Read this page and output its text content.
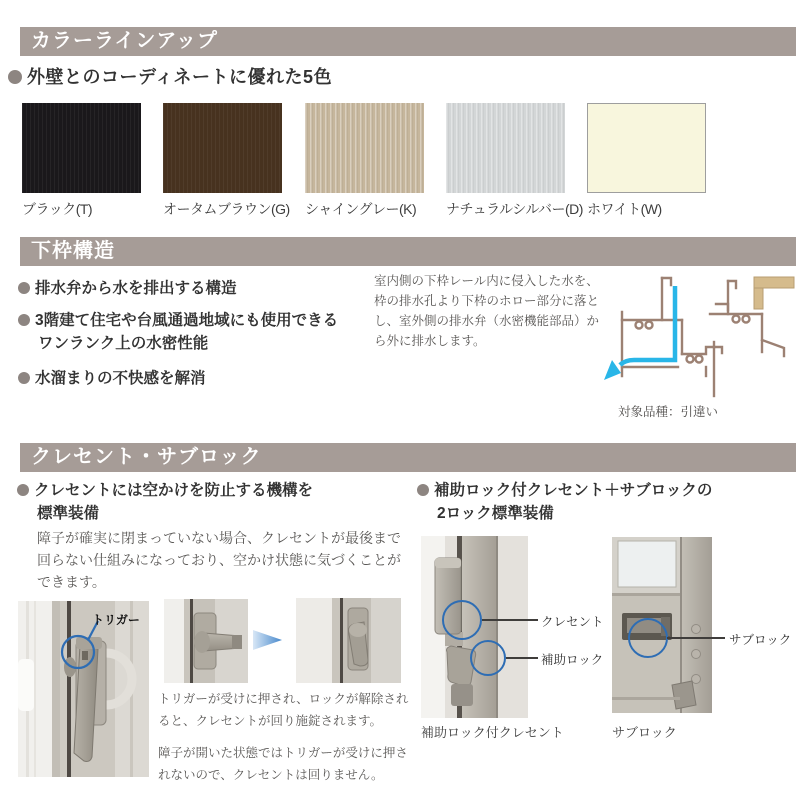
カラーラインアップ
外壁とのコーディネートに優れた5色
ブラック(T)	オータムブラウン(G) シャイングレー(K) ナチュラルシルバー(D) ホワイト(W)
下枠構造
排水弁から水を排出する構造
3階建て住宅や台風通過地域にも使用できる
ワンランク上の水密性能
水溜まりの不快感を解消
室内側の下枠レール内に侵入した水を、枠の排水孔より下枠のホロー部分に落とし、室外側の排水弁（水密機能部品）から外に排水します。
対象品種：引違い
クレセント・サブロック
クレセントには空かけを防止する機構を
標準装備
障子が確実に閉まっていない場合、クレセントが最後まで回らない仕組みになっており、空かけ状態に気づくことができます。
トリガー
トリガーが受けに押され、ロックが解除されると、クレセントが回り施錠されます。
障子が開いた状態ではトリガーが受けに押されないので、クレセントは回りません。
補助ロック付クレセント＋サブロックの
2ロック標準装備
クレセント
補助ロック
補助ロック付クレセント
サブロック
サブロック
